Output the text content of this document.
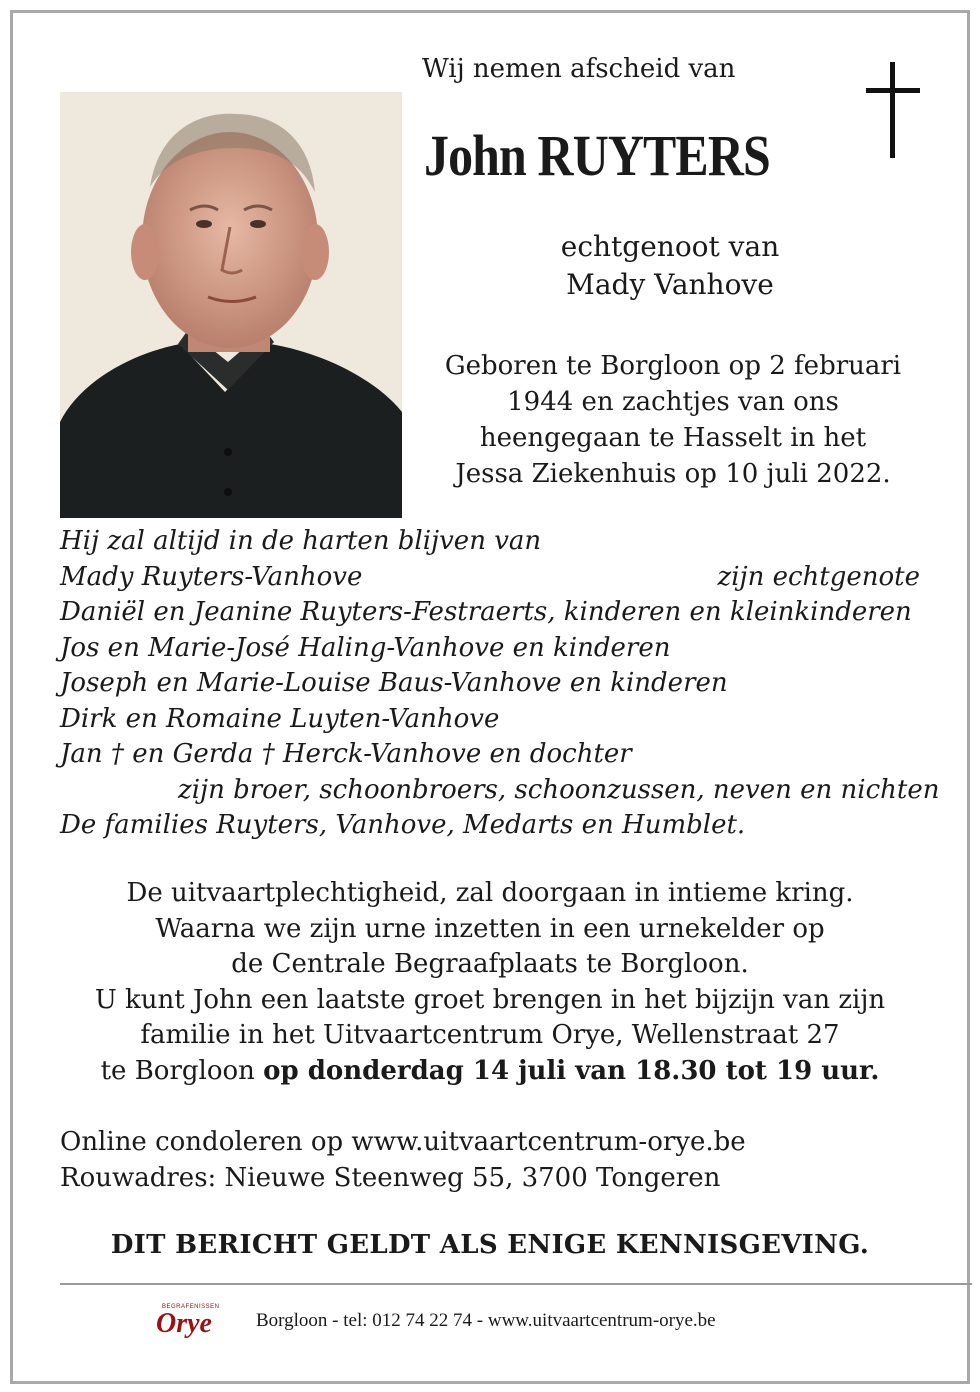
Wij nemen afscheid van
John RUYTERS
echtgenoot van
Mady Vanhove
Geboren te Borgloon op 2 februari
1944 en zachtjes van ons
heengegaan te Hasselt in het
Jessa Ziekenhuis op 10 juli 2022.
Hij zal altijd in de harten blijven van
Mady Ruyters-Vanhove	zijn echtgenote
Daniël en Jeanine Ruyters-Festraerts, kinderen en kleinkinderen
Jos en Marie-José Haling-Vanhove en kinderen
Joseph en Marie-Louise Baus-Vanhove en kinderen
Dirk en Romaine Luyten-Vanhove
Jan † en Gerda † Herck-Vanhove en dochter
zijn broer, schoonbroers, schoonzussen, neven en nichten
De families Ruyters, Vanhove, Medarts en Humblet.
De uitvaartplechtigheid, zal doorgaan in intieme kring.
Waarna we zijn urne inzetten in een urnekelder op
de Centrale Begraafplaats te Borgloon.
U kunt John een laatste groet brengen in het bijzijn van zijn
familie in het Uitvaartcentrum Orye, Wellenstraat 27
te Borgloon op donderdag 14 juli van 18.30 tot 19 uur.
Online condoleren op www.uitvaartcentrum-orye.be
Rouwadres: Nieuwe Steenweg 55, 3700 Tongeren
DIT BERICHT GELDT ALS ENIGE KENNISGEVING.
BEGRAFENISSEN
Orye Borgloon - tel: 012 74 22 74 - www.uitvaartcentrum-orye.be
